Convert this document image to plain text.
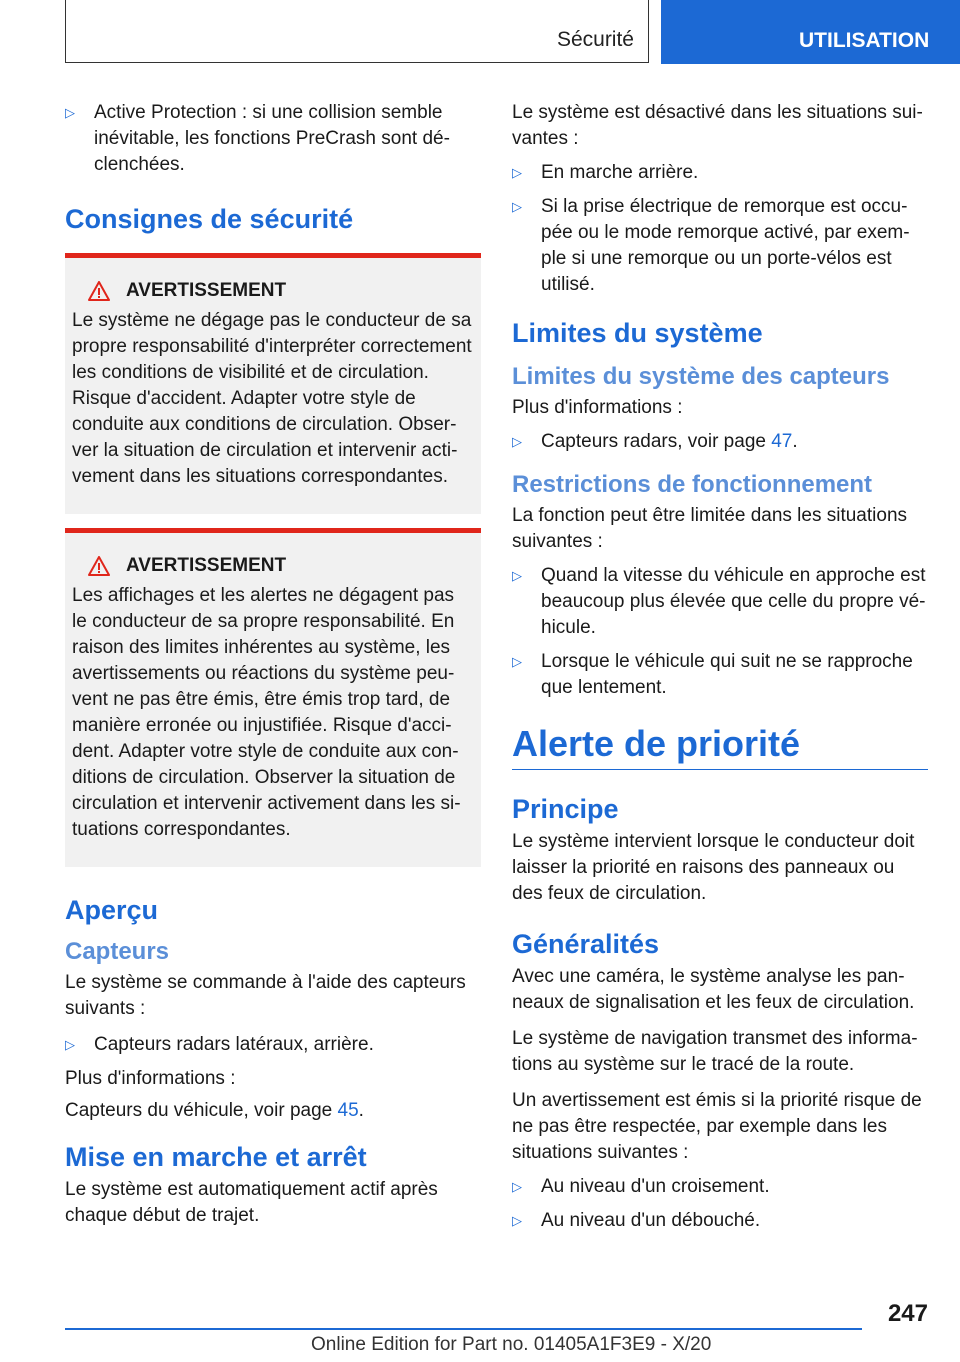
Sécurité	UTILISATION
▷	Active Protection : si une collision semble inévitable, les fonctions PreCrash sont déclenchées.
Consignes de sécurité
AVERTISSEMENT

Le système ne dégage pas le conducteur de sa propre responsabilité d'interpréter correctement les conditions de visibilité et de circulation. Risque d'accident. Adapter votre style de conduite aux conditions de circulation. Observer la situation de circulation et intervenir activement dans les situations correspondantes.

AVERTISSEMENT

Les affichages et les alertes ne dégagent pas le conducteur de sa propre responsabilité. En raison des limites inhérentes au système, les avertissements ou réactions du système peuvent ne pas être émis, être émis trop tard, de manière erronée ou injustifiée. Risque d'accident. Adapter votre style de conduite aux conditions de circulation. Observer la situation de circulation et intervenir activement dans les situations correspondantes.

Aperçu
Capteurs

Le système se commande à l'aide des capteurs suivants :

▷	Capteurs radars latéraux, arrière.

Plus d'informations :

Capteurs du véhicule, voir page 45.

Mise en marche et arrêt

Le système est automatiquement actif après chaque début de trajet.

Le système est désactivé dans les situations suivantes :

▷	En marche arrière.
▷	Si la prise électrique de remorque est occupée ou le mode remorque activé, par exemple si une remorque ou un porte-vélos est utilisé.
Limites du système
Limites du système des capteurs

Plus d'informations :

▷	Capteurs radars, voir page 47.
Restrictions de fonctionnement

La fonction peut être limitée dans les situations suivantes :

▷	Quand la vitesse du véhicule en approche est beaucoup plus élevée que celle du propre véhicule.
▷	Lorsque le véhicule qui suit ne se rapproche que lentement.
Alerte de priorité
Principe

Le système intervient lorsque le conducteur doit laisser la priorité en raisons des panneaux ou des feux de circulation.

Généralités

Avec une caméra, le système analyse les panneaux de signalisation et les feux de circulation.

Le système de navigation transmet des informations au système sur le tracé de la route.

Un avertissement est émis si la priorité risque de ne pas être respectée, par exemple dans les situations suivantes :

▷	Au niveau d'un croisement.
▷	Au niveau d'un débouché.
247
Online Edition for Part no. 01405A1F3E9 - X/20
